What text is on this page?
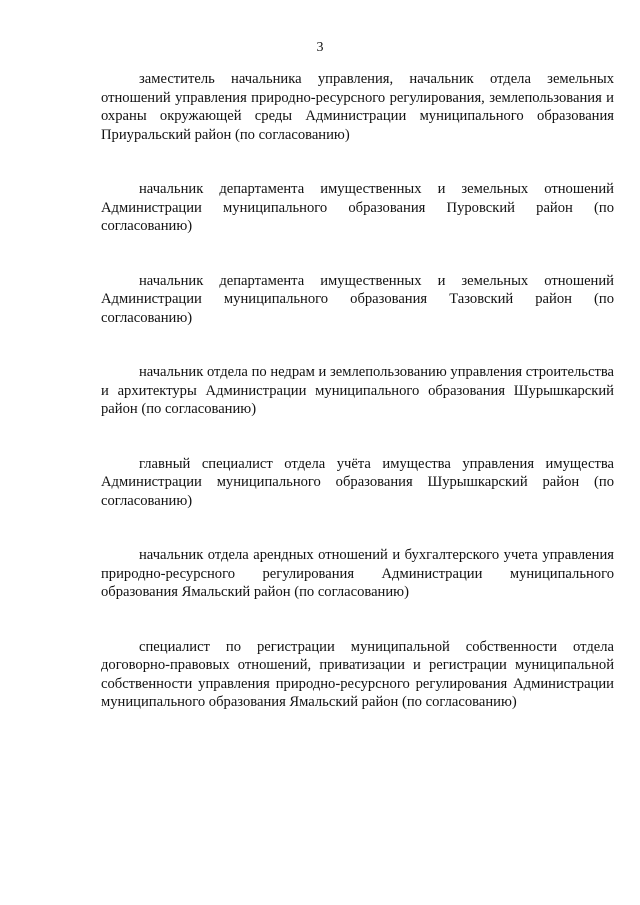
3

заместитель начальника управления, начальник отдела земельных отношений управления природно-ресурсного регулирования, землепользования и охраны окружающей среды Администрации муниципального образования Приуральский район (по согласованию)

начальник департамента имущественных и земельных отношений Администрации муниципального образования Пуровский район (по согласованию)

начальник департамента имущественных и земельных отношений Администрации муниципального образования Тазовский район (по согласованию)

начальник отдела по недрам и землепользованию управления строительства и архитектуры Администрации муниципального образования Шурышкарский район (по согласованию)

главный специалист отдела учёта имущества управления имущества Администрации муниципального образования Шурышкарский район (по согласованию)

начальник отдела арендных отношений и бухгалтерского учета управления природно-ресурсного регулирования Администрации муниципального образования Ямальский район (по согласованию)

специалист по регистрации муниципальной собственности отдела договорно-правовых отношений, приватизации и регистрации муниципальной собственности управления природно-ресурсного регулирования Администрации муниципального образования Ямальский район (по согласованию)
